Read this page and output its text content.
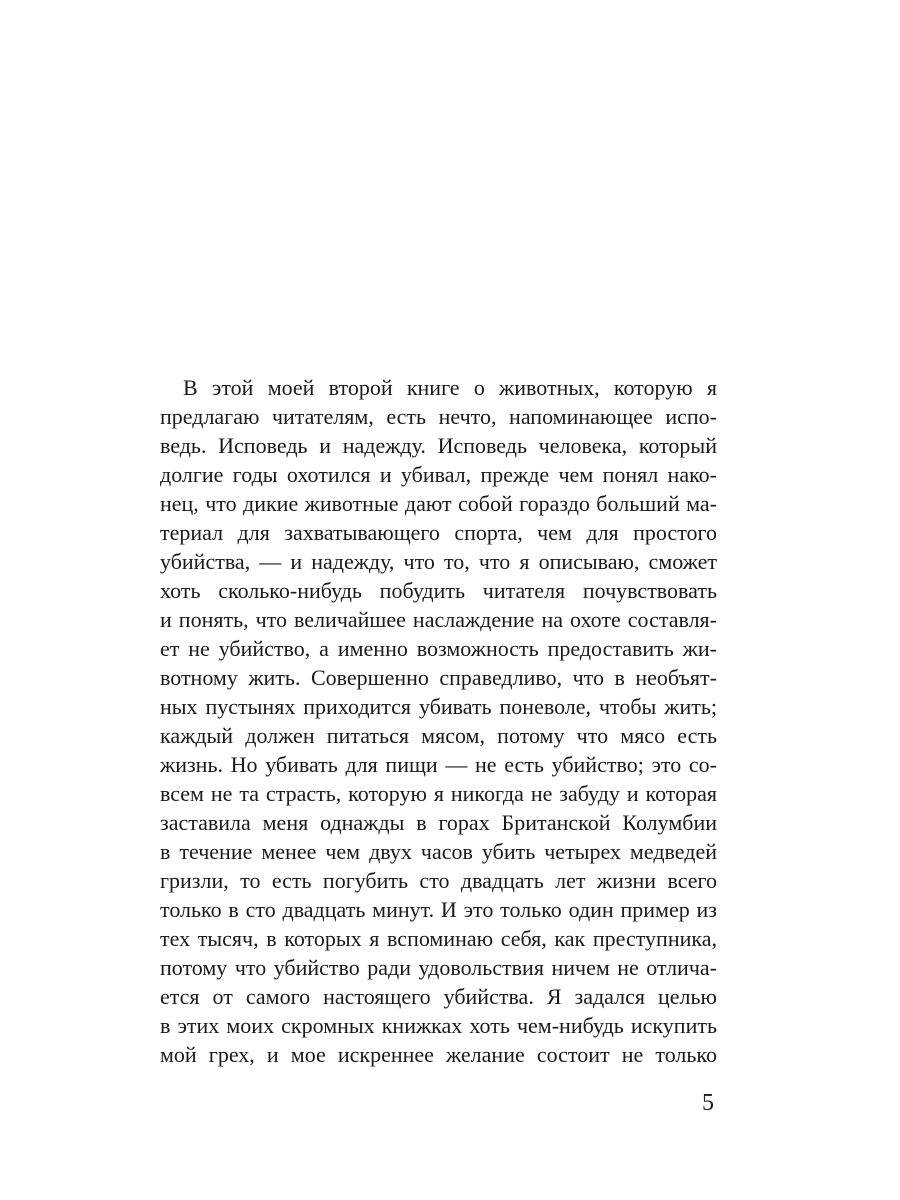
В этой моей второй книге о животных, которую я
предлагаю читателям, есть нечто, напоминающее испо-
ведь. Исповедь и надежду. Исповедь человека, который
долгие годы охотился и убивал, прежде чем понял нако-
нец, что дикие животные дают собой гораздо больший ма-
териал для захватывающего спорта, чем для простого
убийства, — и надежду, что то, что я описываю, сможет
хоть сколько-нибудь побудить читателя почувствовать
и понять, что величайшее наслаждение на охоте составля-
ет не убийство, а именно возможность предоставить жи-
вотному жить. Совершенно справедливо, что в необъят-
ных пустынях приходится убивать поневоле, чтобы жить;
каждый должен питаться мясом, потому что мясо есть
жизнь. Но убивать для пищи — не есть убийство; это со-
всем не та страсть, которую я никогда не забуду и которая
заставила меня однажды в горах Британской Колумбии
в течение менее чем двух часов убить четырех медведей
гризли, то есть погубить сто двадцать лет жизни всего
только в сто двадцать минут. И это только один пример из
тех тысяч, в которых я вспоминаю себя, как преступника,
потому что убийство ради удовольствия ничем не отлича-
ется от самого настоящего убийства. Я задался целью
в этих моих скромных книжках хоть чем-нибудь искупить
мой грех, и мое искреннее желание состоит не только
5
